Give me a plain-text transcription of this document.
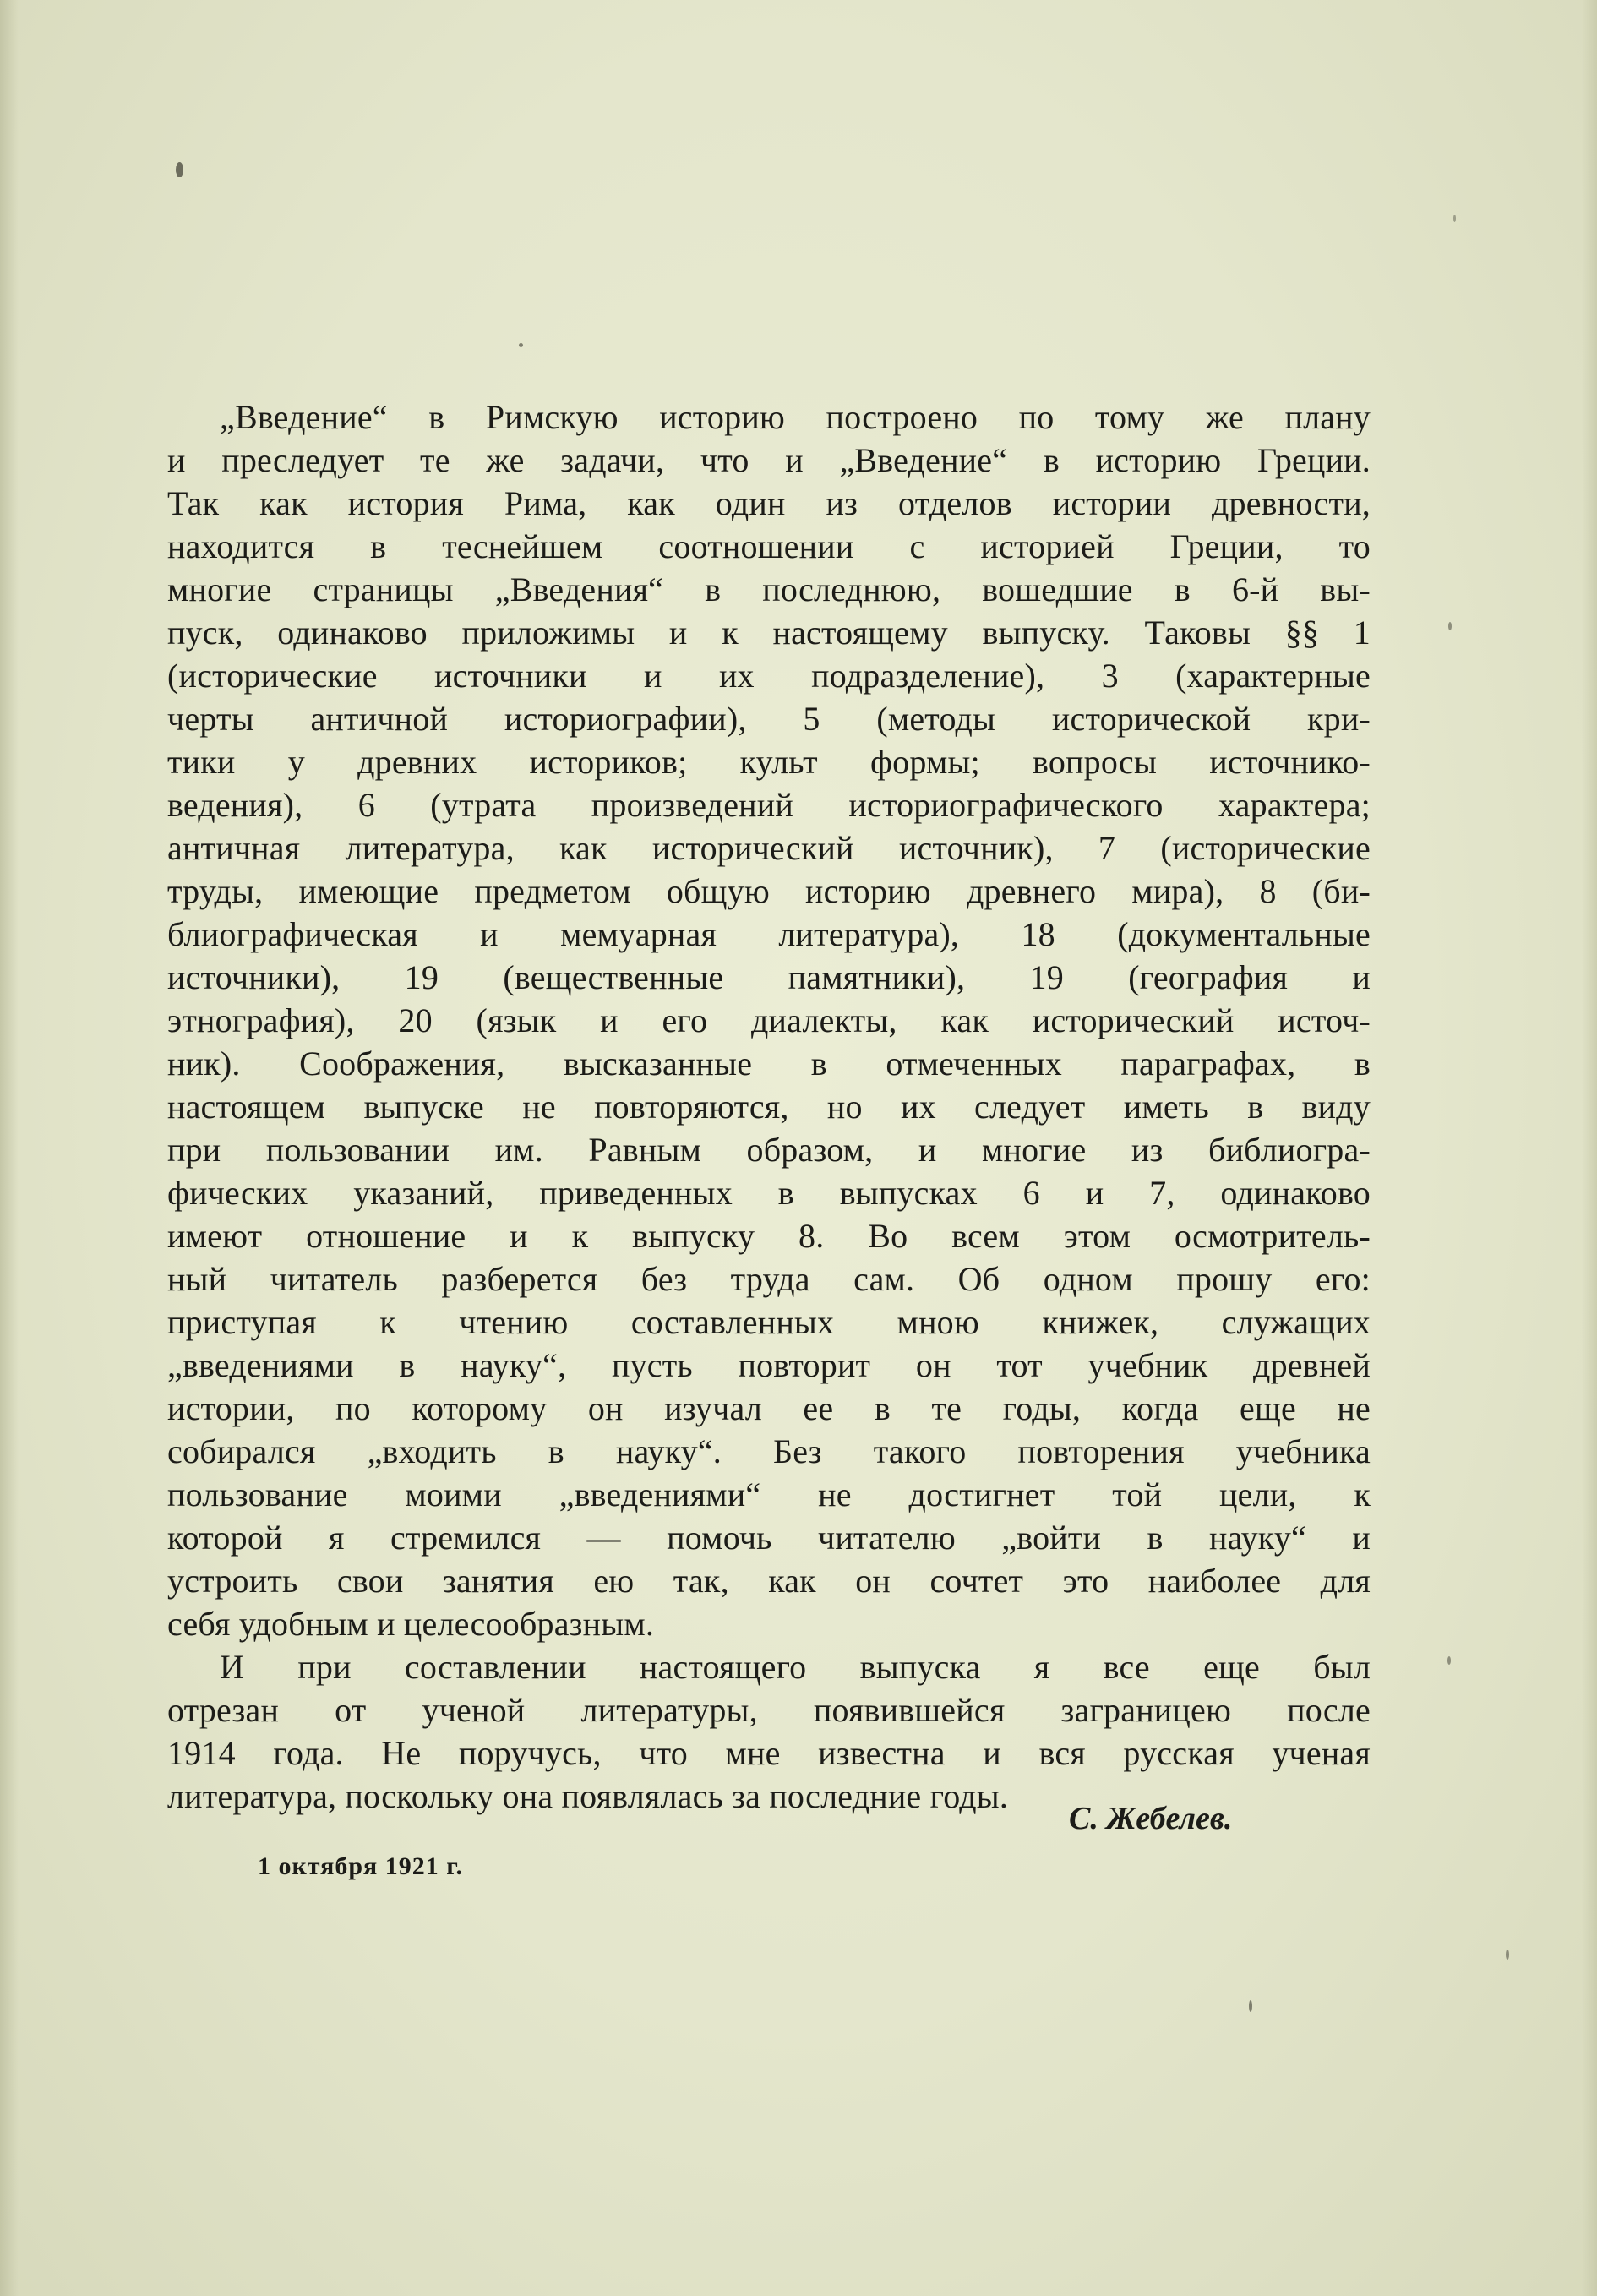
„Введение“ в Римскую историю построено по тому же плану
и преследует те же задачи, что и „Введение“ в историю Греции.
Так как история Рима, как один из отделов истории древности,
находится в теснейшем соотношении с историей Греции, то
многие страницы „Введения“ в последнюю, вошедшие в 6-й вы-
пуск, одинаково приложимы и к настоящему выпуску. Таковы §§ 1
(исторические источники и их подразделение), 3 (характерные
черты античной историографии), 5 (методы исторической кри-
тики у древних историков; культ формы; вопросы источнико-
ведения), 6 (утрата произведений историографического характера;
античная литература, как исторический источник), 7 (исторические
труды, имеющие предметом общую историю древнего мира), 8 (би-
блиографическая и мемуарная литература), 18 (документальные
источники), 19 (вещественные памятники), 19 (география и
этнография), 20 (язык и его диалекты, как исторический источ-
ник). Соображения, высказанные в отмеченных параграфах, в
настоящем выпуске не повторяются, но их следует иметь в виду
при пользовании им. Равным образом, и многие из библиогра-
фических указаний, приведенных в выпусках 6 и 7, одинаково
имеют отношение и к выпуску 8. Во всем этом осмотритель-
ный читатель разберется без труда сам. Об одном прошу его:
приступая к чтению составленных мною книжек, служащих
„введениями в науку“, пусть повторит он тот учебник древней
истории, по которому он изучал ее в те годы, когда еще не
собирался „входить в науку“. Без такого повторения учебника
пользование моими „введениями“ не достигнет той цели, к
которой я стремился — помочь читателю „войти в науку“ и
устроить свои занятия ею так, как он сочтет это наиболее для
себя удобным и целесообразным.
И при составлении настоящего выпуска я все еще был
отрезан от ученой литературы, появившейся заграницею после
1914 года. Не поручусь, что мне известна и вся русская ученая
литература, поскольку она появлялась за последние годы.
С. Жебелев.
1 октября 1921 г.
